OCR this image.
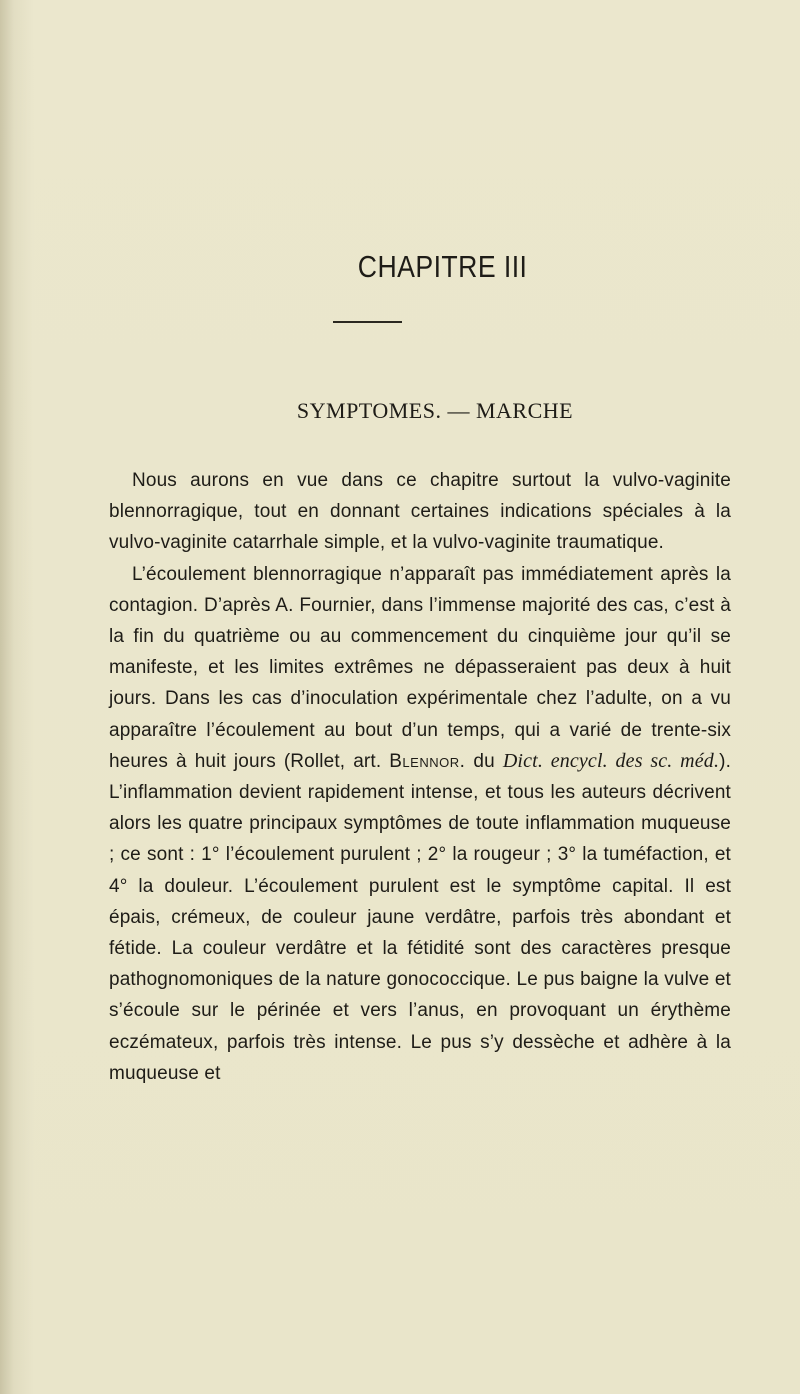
CHAPITRE III
SYMPTOMES. — MARCHE

Nous aurons en vue dans ce chapitre surtout la vulvo-vaginite blennorragique, tout en donnant certaines indications spéciales à la vulvo-vaginite catarrhale simple, et la vulvo-vaginite traumatique.

L’écoulement blennorragique n’apparaît pas immédiatement après la contagion. D’après A. Fournier, dans l’immense majorité des cas, c’est à la fin du quatrième ou au commencement du cinquième jour qu’il se manifeste, et les limites extrêmes ne dépasseraient pas deux à huit jours. Dans les cas d’inoculation expérimentale chez l’adulte, on a vu apparaître l’écoulement au bout d’un temps, qui a varié de trente-six heures à huit jours (Rollet, art. Blennor. du Dict. encycl. des sc. méd.). L’inflammation devient rapidement intense, et tous les auteurs décrivent alors les quatre principaux symptômes de toute inflammation muqueuse ; ce sont : 1° l’écoulement purulent ; 2° la rougeur ; 3° la tuméfaction, et 4° la douleur. L’écoulement purulent est le symptôme capital. Il est épais, crémeux, de couleur jaune verdâtre, parfois très abondant et fétide. La couleur verdâtre et la fétidité sont des caractères presque pathognomoniques de la nature gonococcique. Le pus baigne la vulve et s’écoule sur le périnée et vers l’anus, en provoquant un érythème eczémateux, parfois très intense. Le pus s’y dessèche et adhère à la muqueuse et
